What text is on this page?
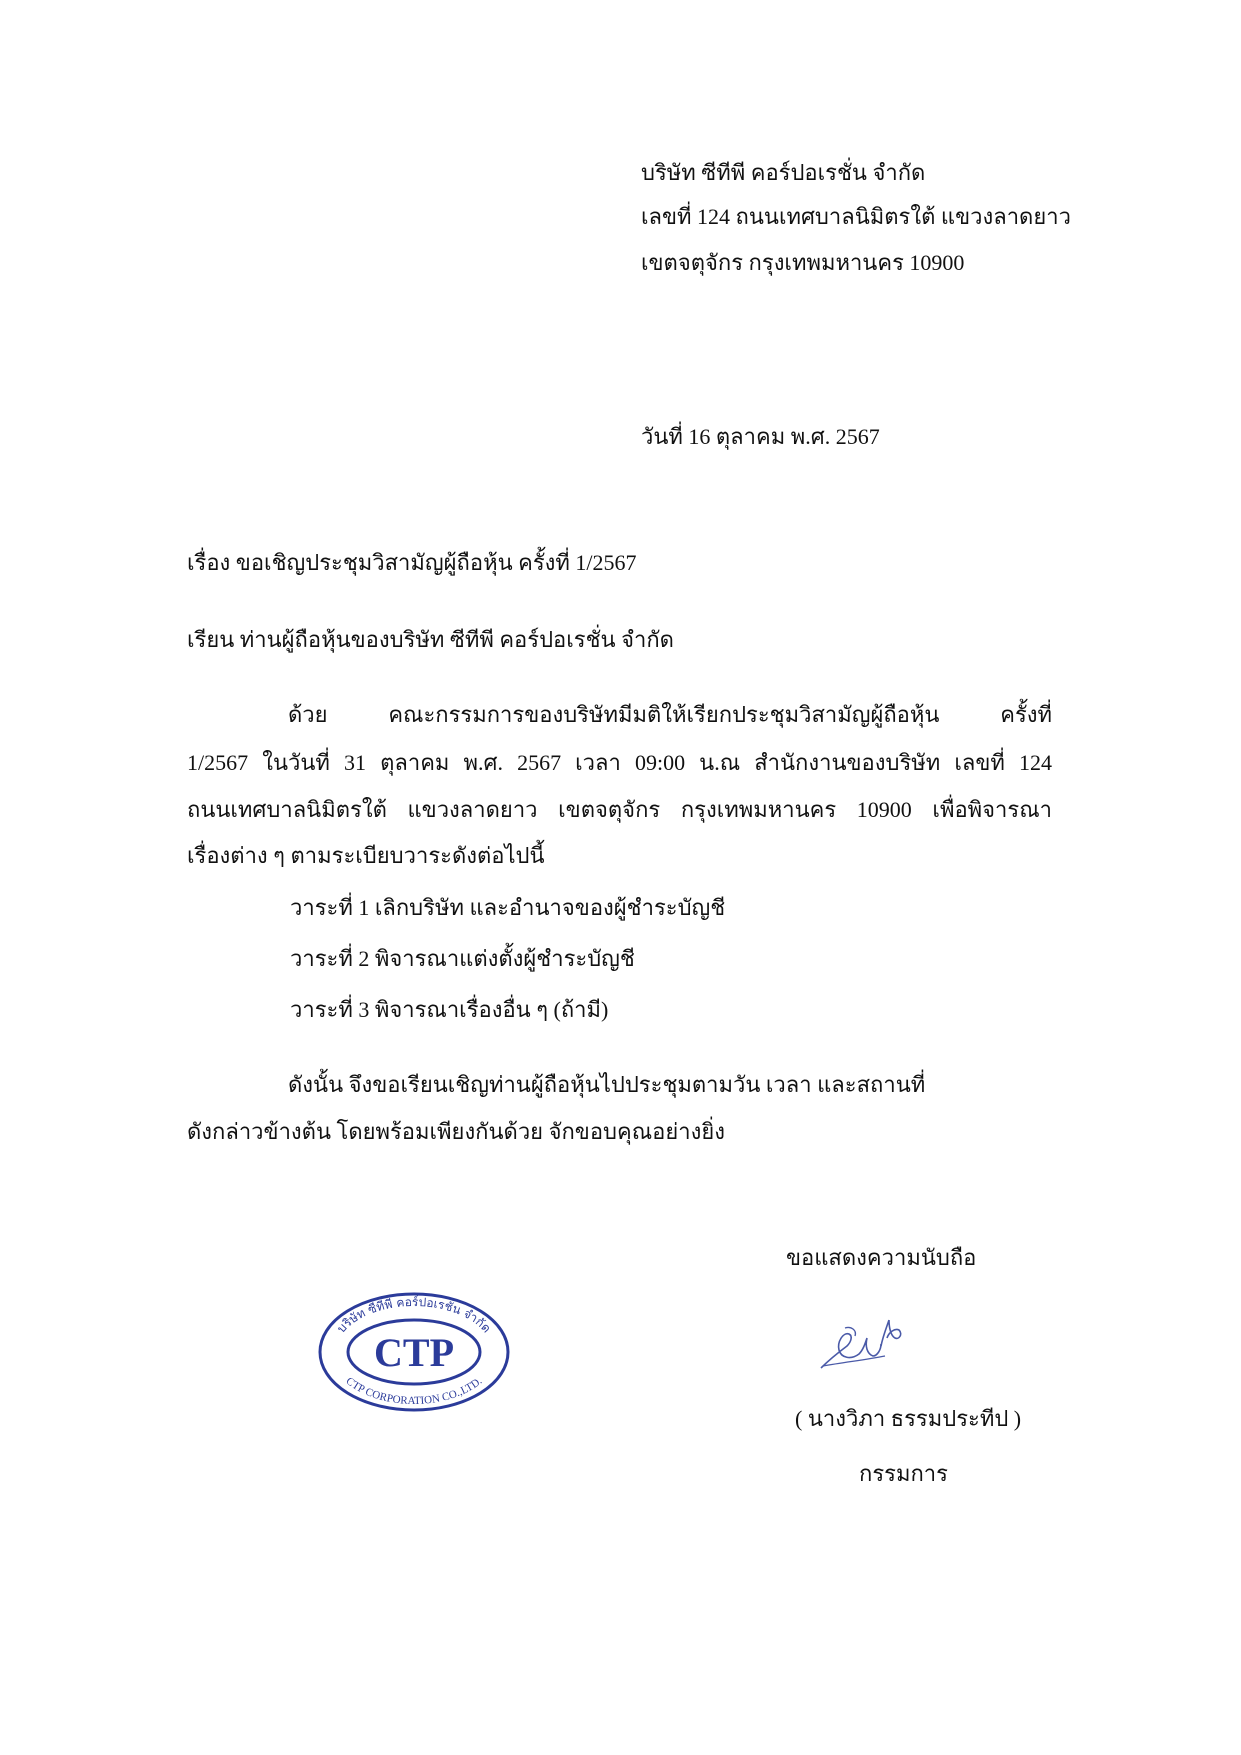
บริษัท ซีทีพี คอร์ปอเรชั่น จำกัด
เลขที่ 124 ถนนเทศบาลนิมิตรใต้ แขวงลาดยาว
เขตจตุจักร กรุงเทพมหานคร 10900
วันที่ 16 ตุลาคม พ.ศ. 2567
เรื่อง ขอเชิญประชุมวิสามัญผู้ถือหุ้น ครั้งที่ 1/2567
เรียน ท่านผู้ถือหุ้นของบริษัท ซีทีพี คอร์ปอเรชั่น จำกัด
ด้วย คณะกรรมการของบริษัทมีมติให้เรียกประชุมวิสามัญผู้ถือหุ้น ครั้งที่
1/2567 ในวันที่ 31 ตุลาคม พ.ศ. 2567 เวลา 09:00 น.ณ สำนักงานของบริษัท เลขที่ 124
ถนนเทศบาลนิมิตรใต้ แขวงลาดยาว เขตจตุจักร กรุงเทพมหานคร 10900 เพื่อพิจารณา
เรื่องต่าง ๆ ตามระเบียบวาระดังต่อไปนี้
วาระที่ 1 เลิกบริษัท และอำนาจของผู้ชำระบัญชี
วาระที่ 2 พิจารณาแต่งตั้งผู้ชำระบัญชี
วาระที่ 3 พิจารณาเรื่องอื่น ๆ (ถ้ามี)
ดังนั้น จึงขอเรียนเชิญท่านผู้ถือหุ้นไปประชุมตามวัน เวลา และสถานที่
ดังกล่าวข้างต้น โดยพร้อมเพียงกันด้วย จักขอบคุณอย่างยิ่ง
ขอแสดงความนับถือ
( นางวิภา ธรรมประทีป )
กรรมการ
CTP
บริษัท ซีทีพี คอร์ปอเรชั่น จำกัด
CTP CORPORATION CO.,LTD.
